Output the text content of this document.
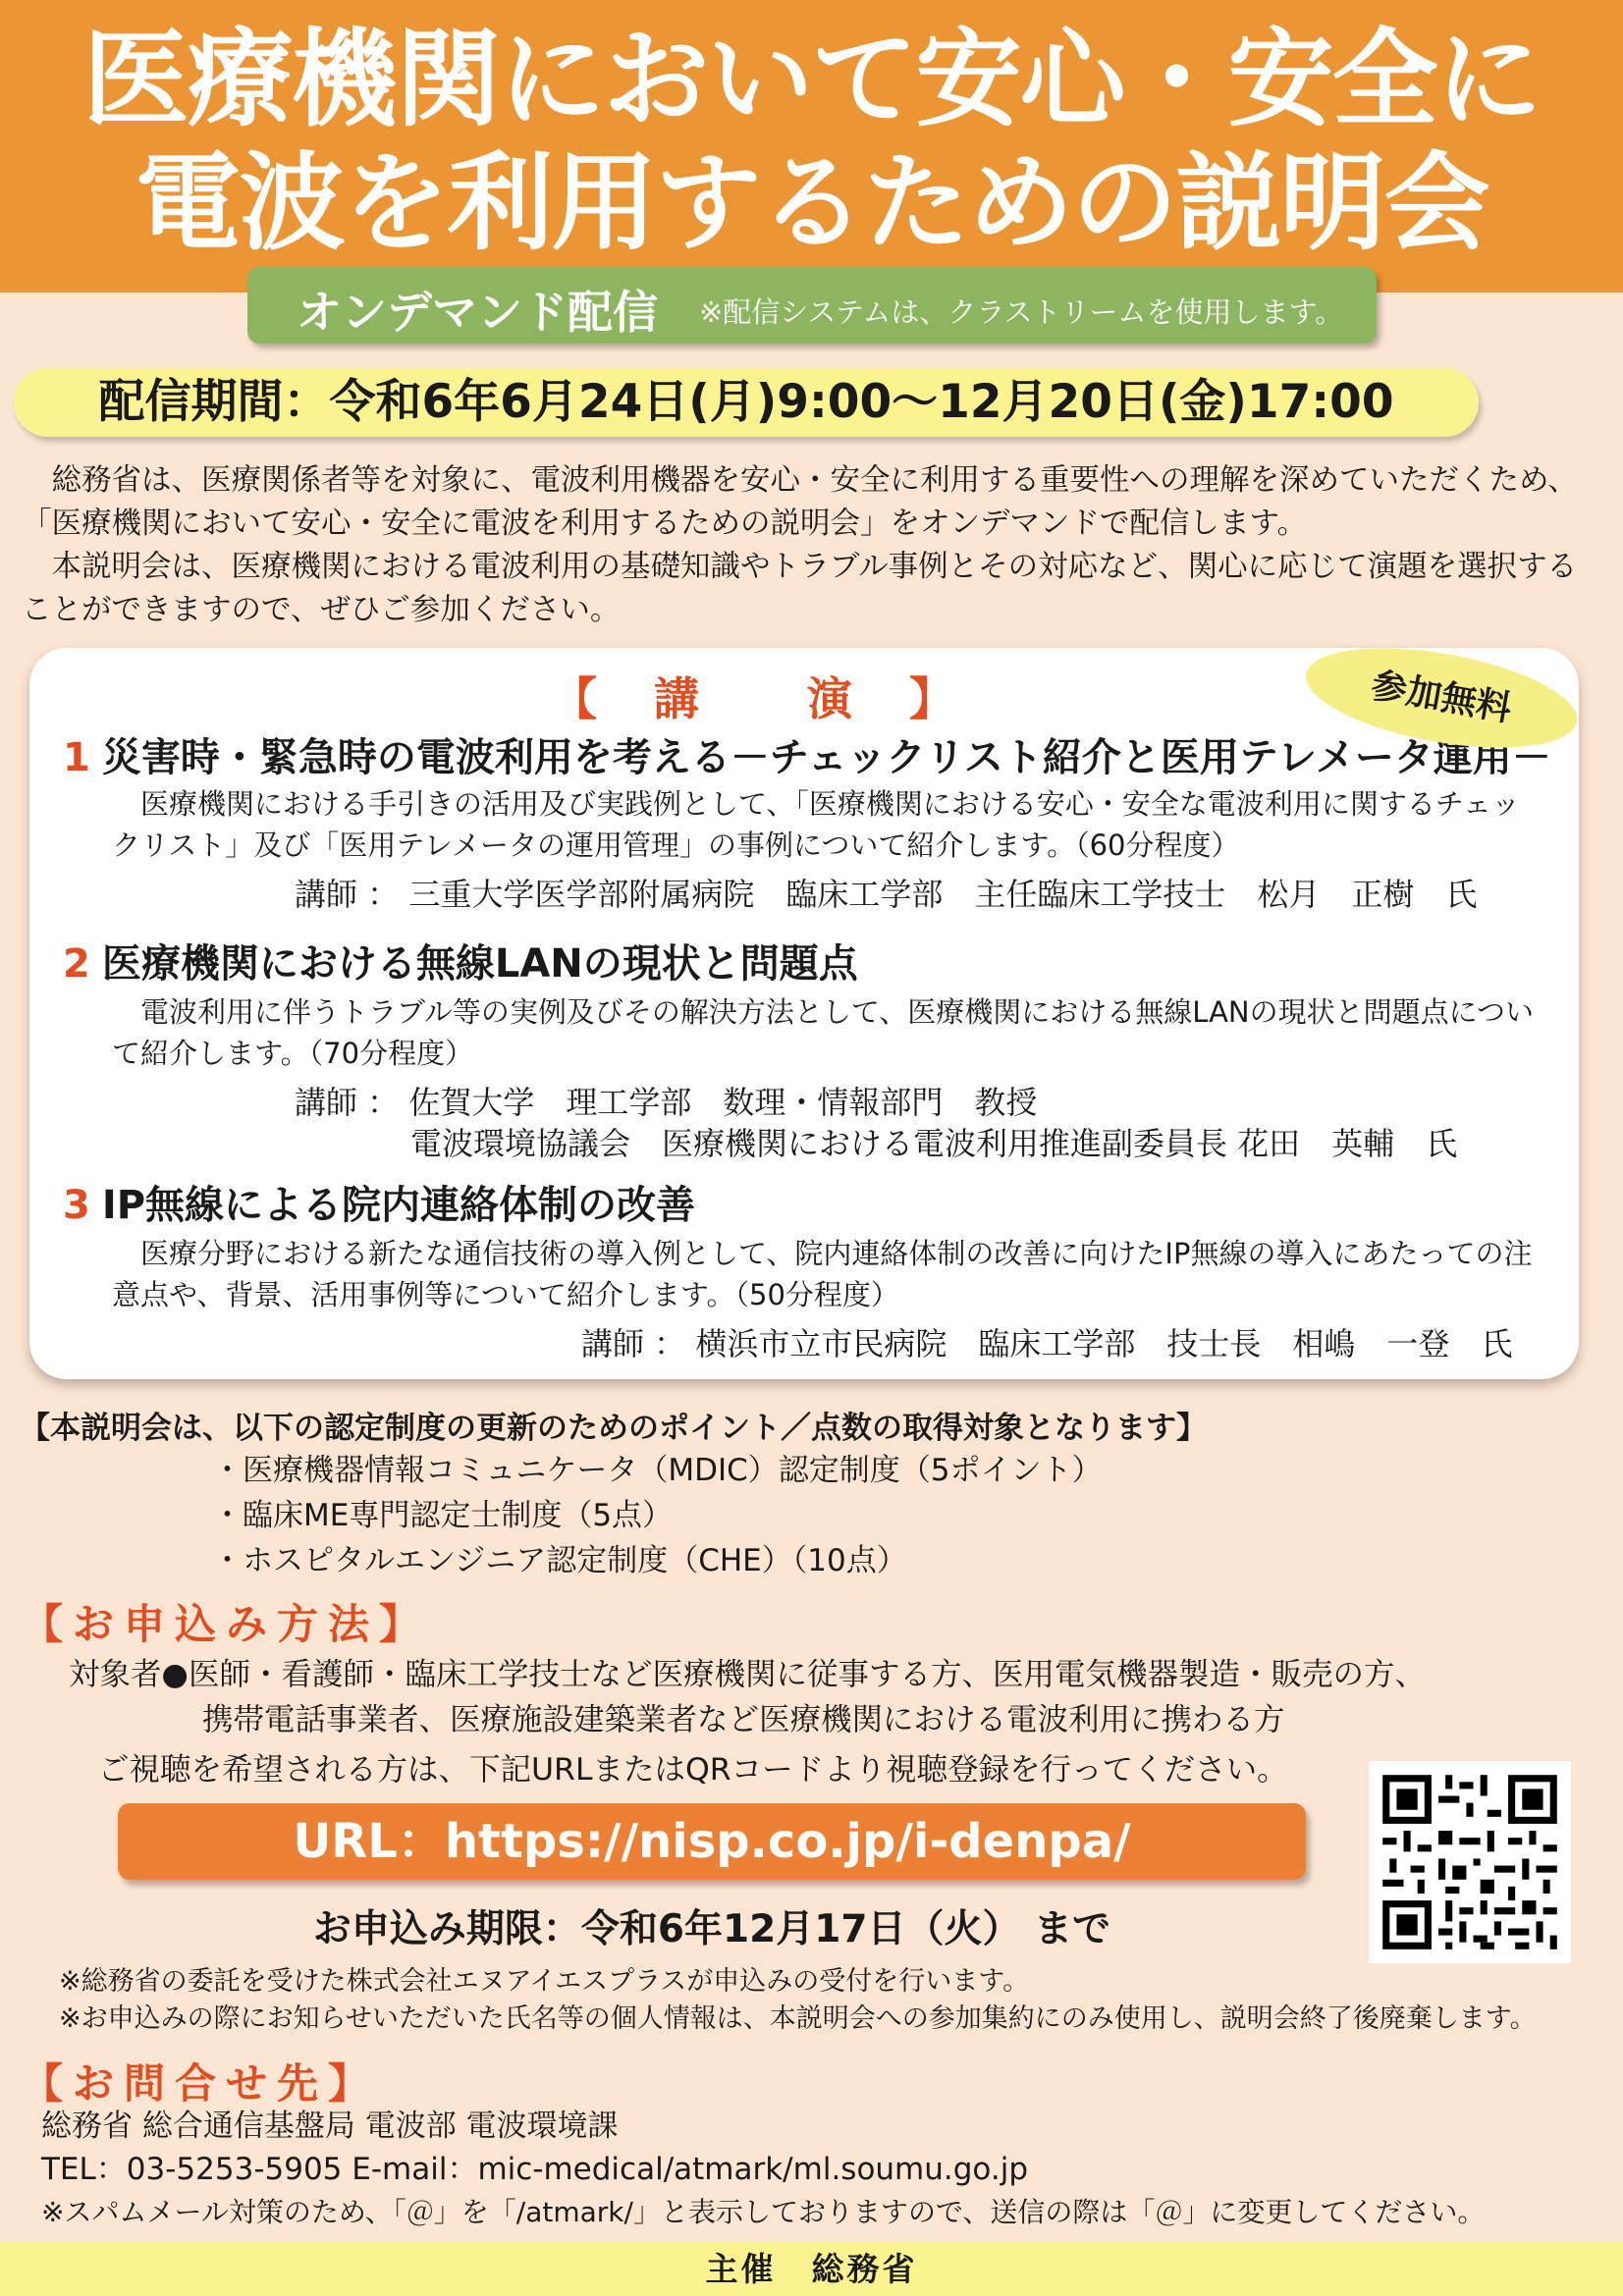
医療機関において安心・安全に
電波を利用するための説明会
オンデマンド配信 ※配信システムは、クラストリームを使用します。
配信期間：令和6年6月24日(月)9:00～12月20日(金)17:00

総務省は、医療関係者等を対象に、電波利用機器を安心・安全に利用する重要性への理解を深めていただくため、「医療機関において安心・安全に電波を利用するための説明会」をオンデマンドで配信します。

本説明会は、医療機関における電波利用の基礎知識やトラブル事例とその対応など、関心に応じて演題を選択することができますので、ぜひご参加ください。

【　講　　演　】
1 災害時・緊急時の電波利用を考える－チェックリスト紹介と医用テレメータ運用－
医療機関における手引きの活用及び実践例として、「医療機関における安心・安全な電波利用に関するチェックリスト」及び「医用テレメータの運用管理」の事例について紹介します。（60分程度）
講師 ： 三重大学医学部附属病院　臨床工学部　主任臨床工学技士　松月　正樹　氏
2 医療機関における無線LANの現状と問題点
電波利用に伴うトラブル等の実例及びその解決方法として、医療機関における無線LANの現状と問題点について紹介します。（70分程度）
講師 ： 佐賀大学　理工学部　数理・情報部門　教授
電波環境協議会　医療機関における電波利用推進副委員長 花田　英輔　氏
3 IP無線による院内連絡体制の改善
医療分野における新たな通信技術の導入例として、院内連絡体制の改善に向けたIP無線の導入にあたっての注意点や、背景、活用事例等について紹介します。（50分程度）
講師 ： 横浜市立市民病院　臨床工学部　技士長　相嶋　一登　氏
参加無料
【本説明会は、以下の認定制度の更新のためのポイント／点数の取得対象となります】
・医療機器情報コミュニケータ（MDIC）認定制度（5ポイント）
・臨床ME専門認定士制度（5点）
・ホスピタルエンジニア認定制度（CHE）（10点）
【お申込み方法】
対象者●医師・看護師・臨床工学技士など医療機関に従事する方、医用電気機器製造・販売の方、
携帯電話事業者、医療施設建築業者など医療機関における電波利用に携わる方
ご視聴を希望される方は、下記URLまたはQRコードより視聴登録を行ってください。
URL：https://nisp.co.jp/i-denpa/
お申込み期限：令和6年12月17日（火） まで
※総務省の委託を受けた株式会社エヌアイエスプラスが申込みの受付を行います。
※お申込みの際にお知らせいただいた氏名等の個人情報は、本説明会への参加集約にのみ使用し、説明会終了後廃棄します。
【お問合せ先】
総務省 総合通信基盤局 電波部 電波環境課
TEL：03-5253-5905 E-mail：mic-medical/atmark/ml.soumu.go.jp
※スパムメール対策のため、「＠」を「/atmark/」と表示しておりますので、送信の際は「＠」に変更してください。
主催　総務省
